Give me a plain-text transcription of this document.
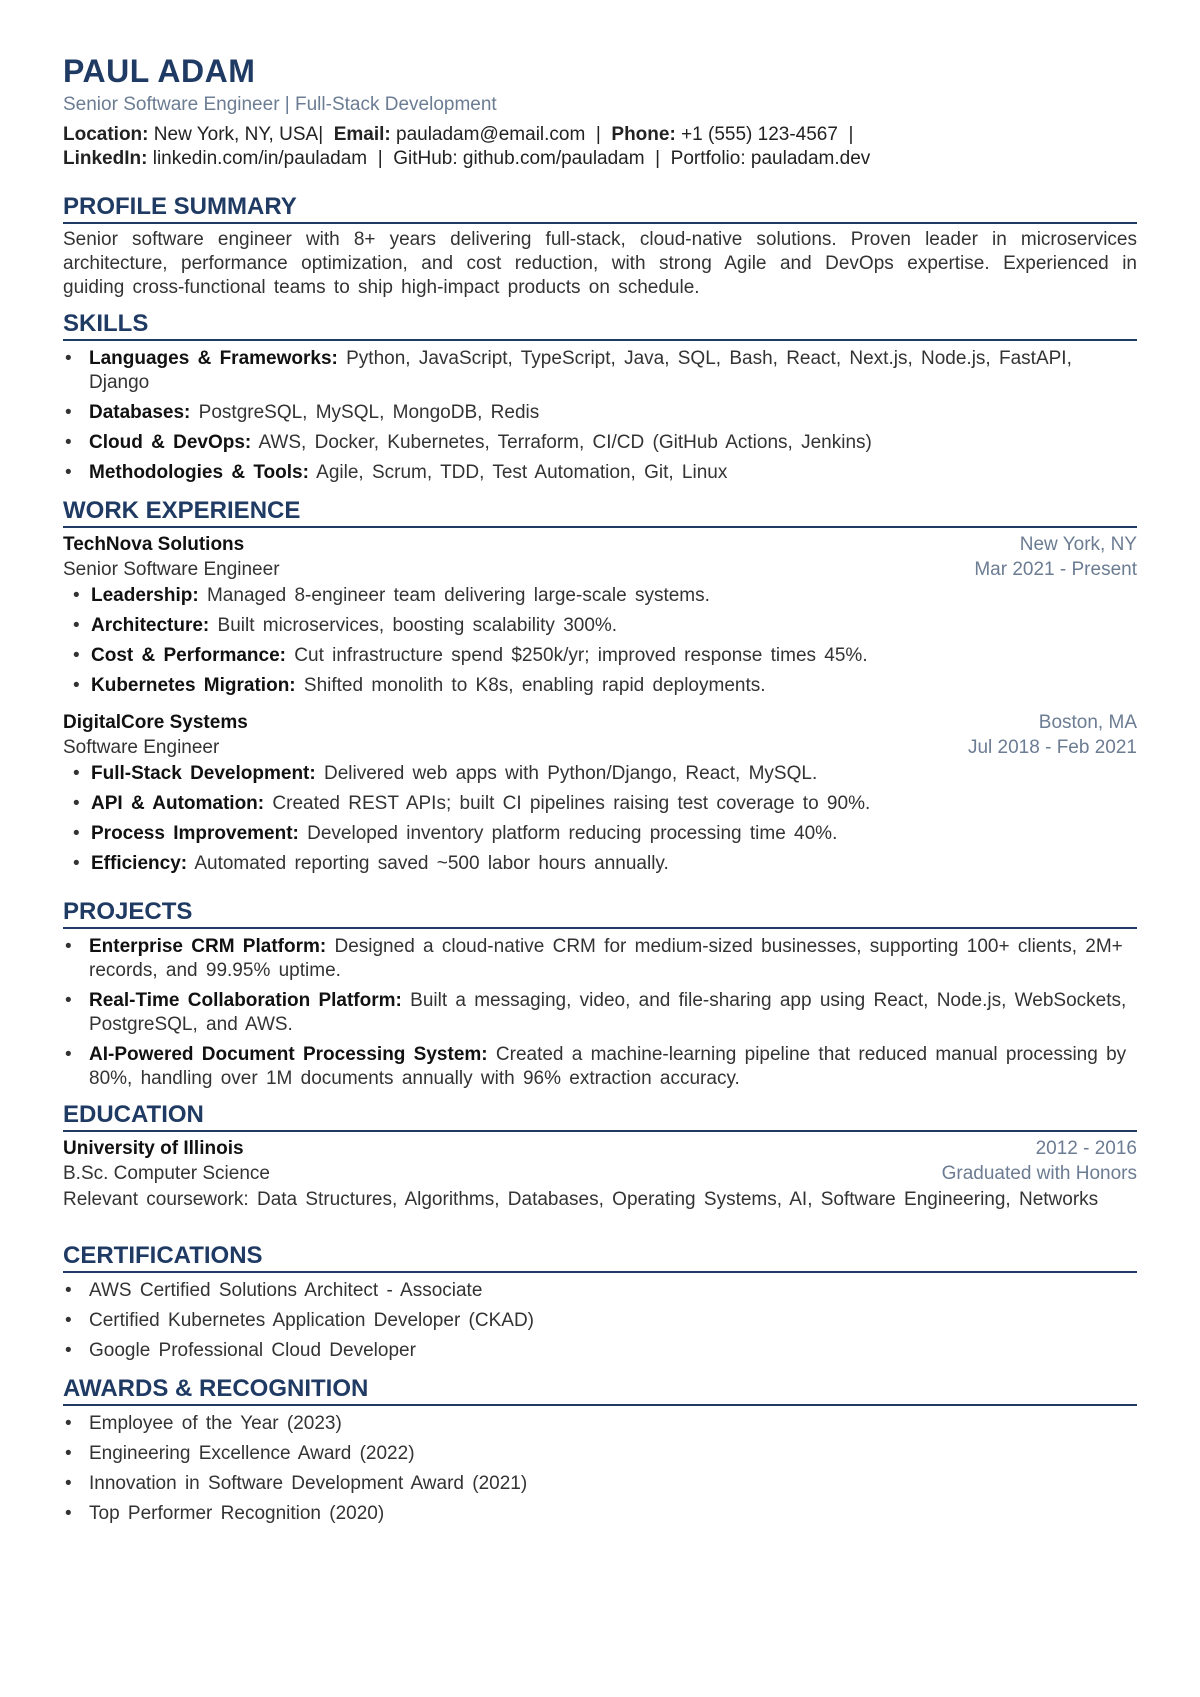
PAUL ADAM
Senior Software Engineer | Full-Stack Development
Location: New York, NY, USA|  Email: pauladam@email.com  |  Phone: +1 (555) 123-4567  |
LinkedIn: linkedin.com/in/pauladam  |  GitHub: github.com/pauladam  |  Portfolio: pauladam.dev
PROFILE SUMMARY
Senior software engineer with 8+ years delivering full-stack, cloud-native solutions. Proven leader in microservices architecture, performance optimization, and cost reduction, with strong Agile and DevOps expertise. Experienced in guiding cross-functional teams to ship high-impact products on schedule.
SKILLS
• Languages & Frameworks: Python, JavaScript, TypeScript, Java, SQL, Bash, React, Next.js, Node.js, FastAPI, Django
• Databases: PostgreSQL, MySQL, MongoDB, Redis
• Cloud & DevOps: AWS, Docker, Kubernetes, Terraform, CI/CD (GitHub Actions, Jenkins)
• Methodologies & Tools: Agile, Scrum, TDD, Test Automation, Git, Linux
WORK EXPERIENCE
TechNova Solutions	New York, NY
Senior Software Engineer	Mar 2021 - Present
• Leadership: Managed 8-engineer team delivering large-scale systems.
• Architecture: Built microservices, boosting scalability 300%.
• Cost & Performance: Cut infrastructure spend $250k/yr; improved response times 45%.
• Kubernetes Migration: Shifted monolith to K8s, enabling rapid deployments.
DigitalCore Systems	Boston, MA
Software Engineer	Jul 2018 - Feb 2021
• Full-Stack Development: Delivered web apps with Python/Django, React, MySQL.
• API & Automation: Created REST APIs; built CI pipelines raising test coverage to 90%.
• Process Improvement: Developed inventory platform reducing processing time 40%.
• Efficiency: Automated reporting saved ~500 labor hours annually.
PROJECTS
• Enterprise CRM Platform: Designed a cloud-native CRM for medium-sized businesses, supporting 100+ clients, 2M+ records, and 99.95% uptime.
• Real-Time Collaboration Platform: Built a messaging, video, and file-sharing app using React, Node.js, WebSockets, PostgreSQL, and AWS.
• AI-Powered Document Processing System: Created a machine-learning pipeline that reduced manual processing by 80%, handling over 1M documents annually with 96% extraction accuracy.
EDUCATION
University of Illinois	2012 - 2016
B.Sc. Computer Science	Graduated with Honors
Relevant coursework: Data Structures, Algorithms, Databases, Operating Systems, AI, Software Engineering, Networks
CERTIFICATIONS
• AWS Certified Solutions Architect - Associate
• Certified Kubernetes Application Developer (CKAD)
• Google Professional Cloud Developer
AWARDS & RECOGNITION
• Employee of the Year (2023)
• Engineering Excellence Award (2022)
• Innovation in Software Development Award (2021)
• Top Performer Recognition (2020)
